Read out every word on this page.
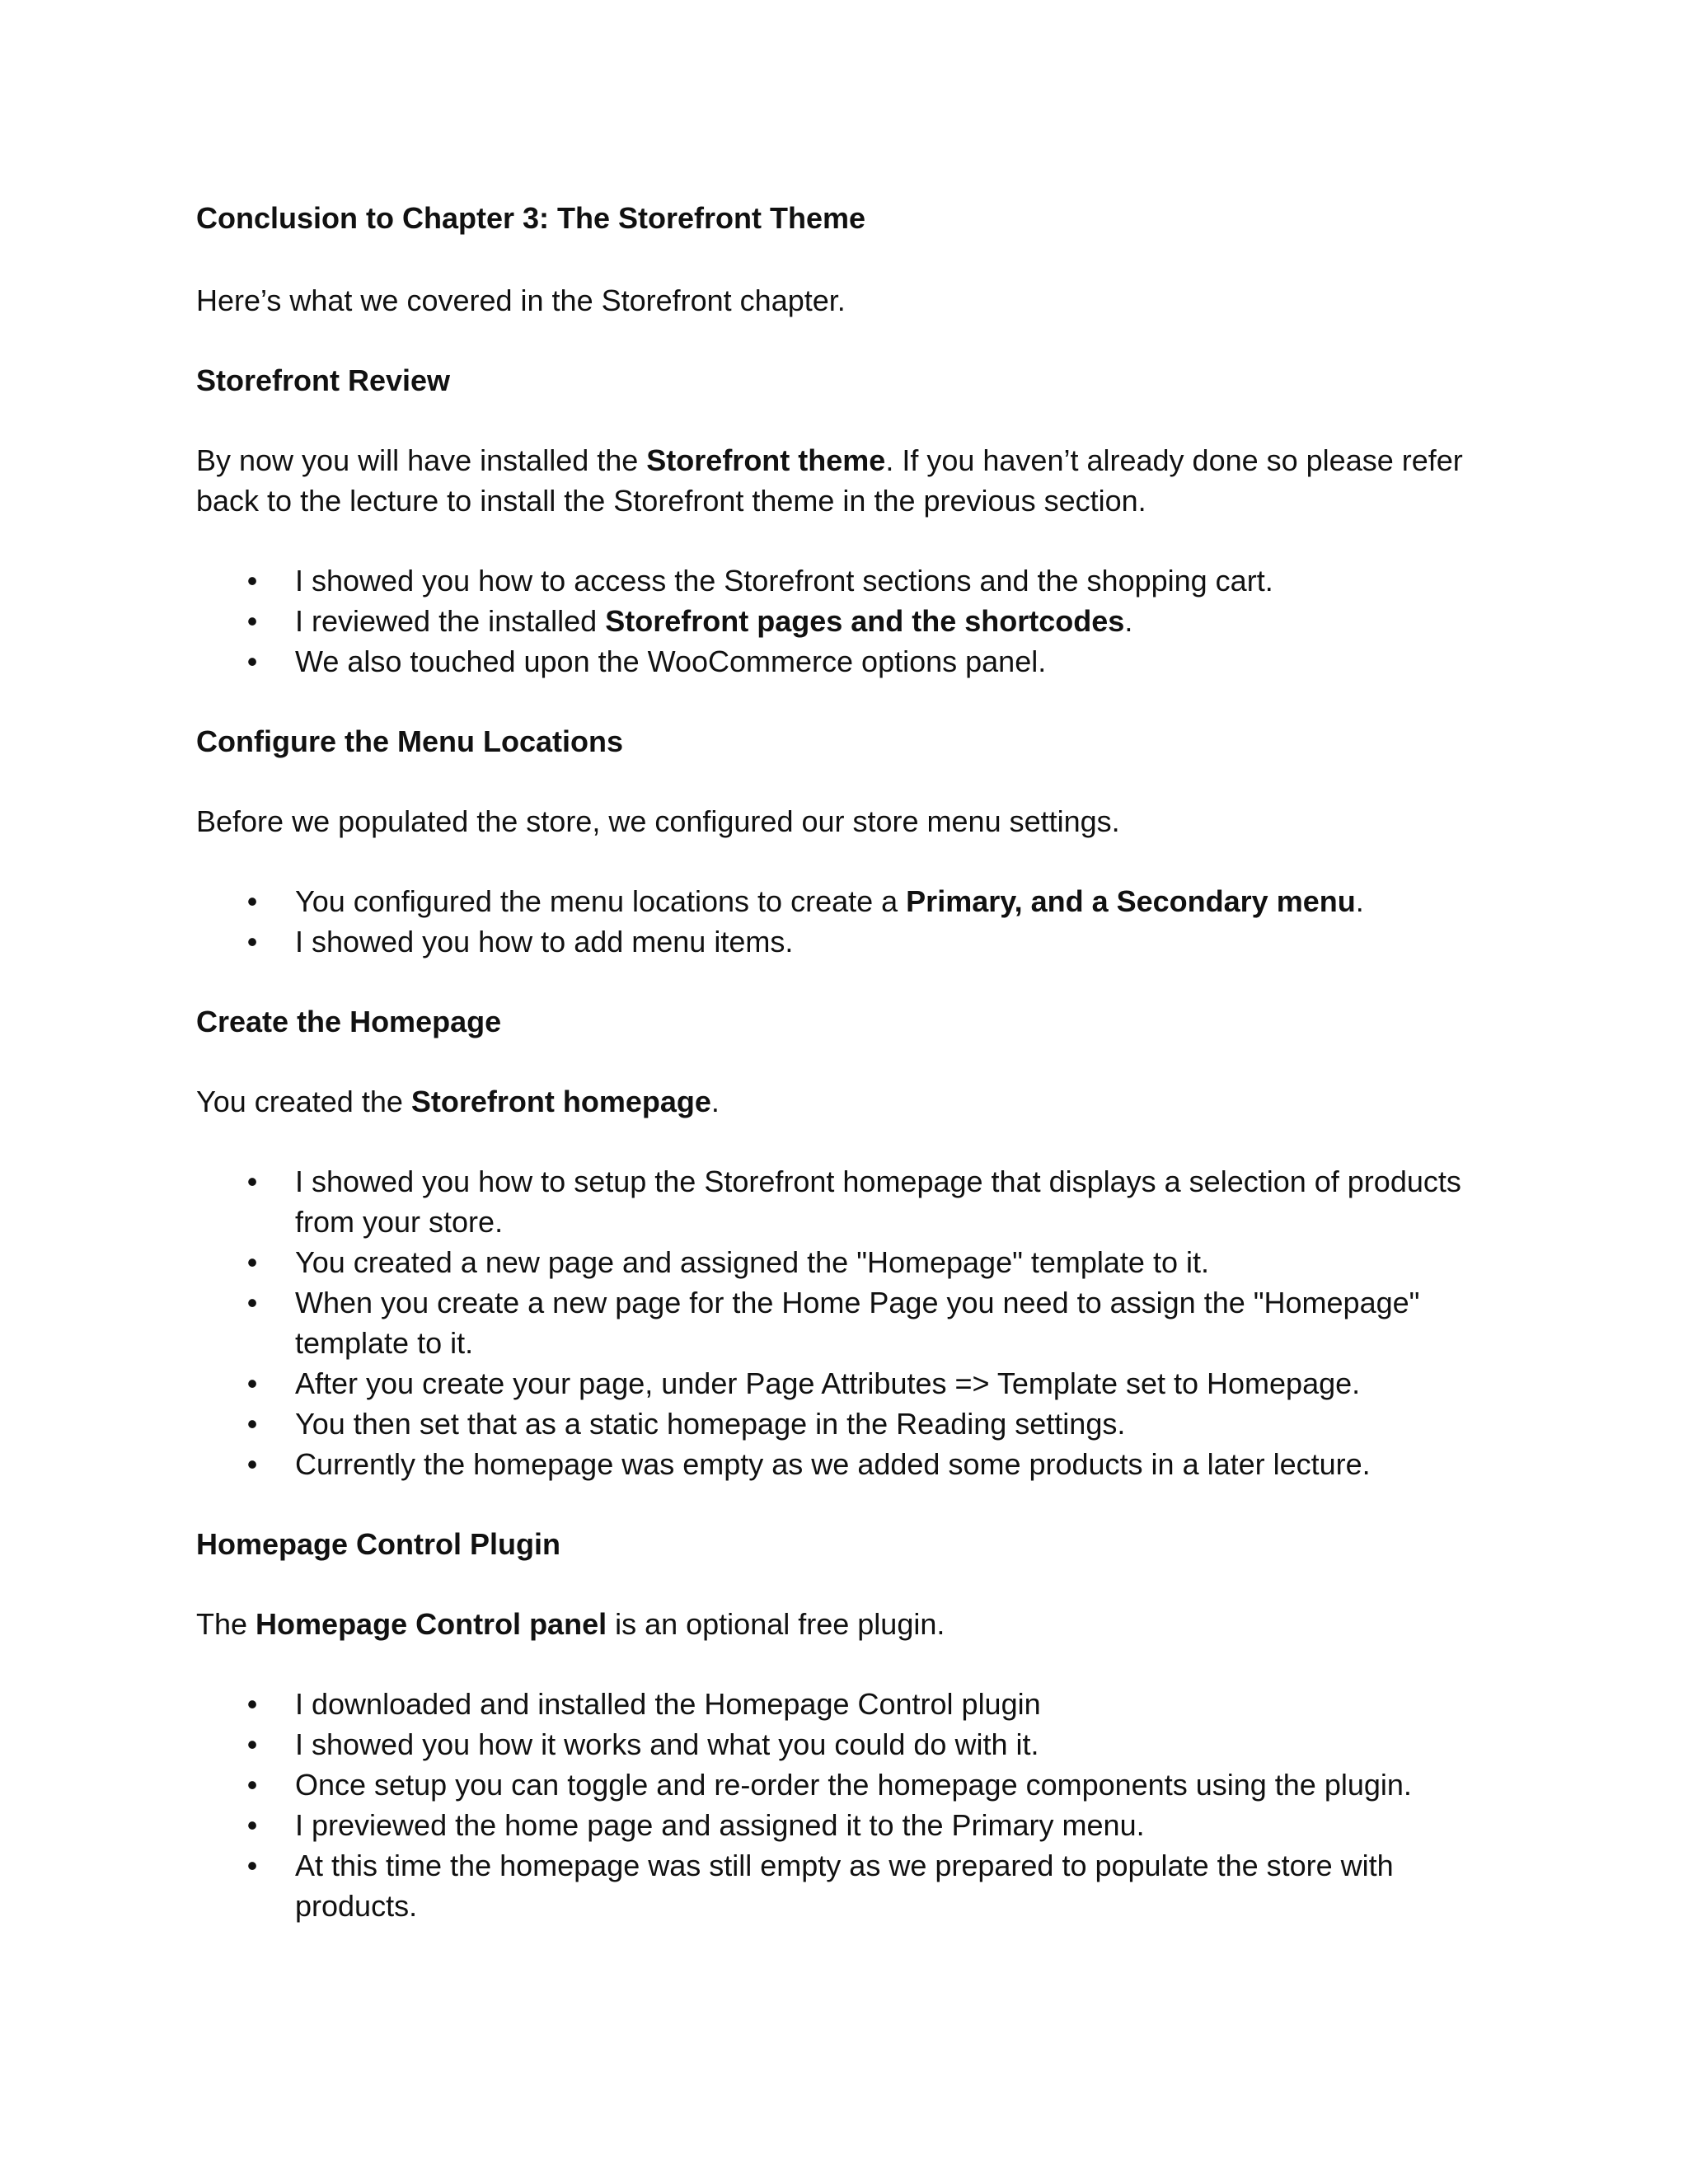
Conclusion to Chapter 3: The Storefront Theme
Here’s what we covered in the Storefront chapter.
Storefront Review
By now you will have installed the Storefront theme. If you haven’t already done so please refer back to the lecture to install the Storefront theme in the previous section.
• I showed you how to access the Storefront sections and the shopping cart.
• I reviewed the installed Storefront pages and the shortcodes.
• We also touched upon the WooCommerce options panel.
Configure the Menu Locations
Before we populated the store, we configured our store menu settings.
• You configured the menu locations to create a Primary, and a Secondary menu.
• I showed you how to add menu items.
Create the Homepage
You created the Storefront homepage.
• I showed you how to setup the Storefront homepage that displays a selection of products from your store.
• You created a new page and assigned the "Homepage" template to it.
• When you create a new page for the Home Page you need to assign the "Homepage" template to it.
• After you create your page, under Page Attributes => Template set to Homepage.
• You then set that as a static homepage in the Reading settings.
• Currently the homepage was empty as we added some products in a later lecture.
Homepage Control Plugin
The Homepage Control panel is an optional free plugin.
• I downloaded and installed the Homepage Control plugin
• I showed you how it works and what you could do with it.
• Once setup you can toggle and re-order the homepage components using the plugin.
• I previewed the home page and assigned it to the Primary menu.
• At this time the homepage was still empty as we prepared to populate the store with products.
